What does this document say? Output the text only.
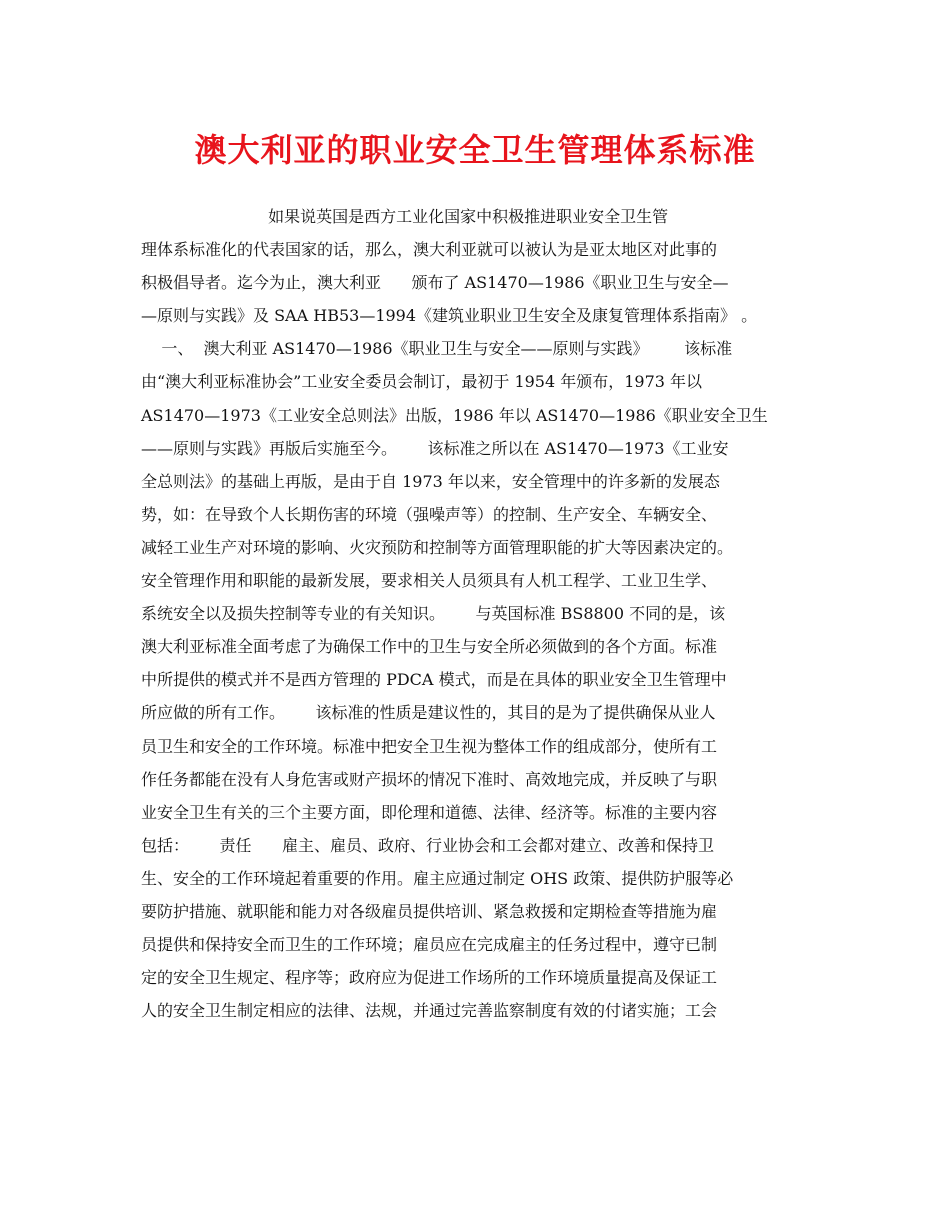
澳大利亚的职业安全卫生管理体系标准
如果说英国是西方工业化国家中积极推进职业安全卫生管
理体系标准化的代表国家的话，那么，澳大利亚就可以被认为是亚太地区对此事的
积极倡导者。迄今为止，澳大利亚      颁布了 AS1470—1986《职业卫生与安全—
—原则与实践》及 SAA HB53—1994《建筑业职业卫生安全及康复管理体系指南》 。
一、  澳大利亚 AS1470—1986《职业卫生与安全——原则与实践》       该标准
由“澳大利亚标准协会”工业安全委员会制订，最初于 1954 年颁布，1973 年以
AS1470—1973《工业安全总则法》出版，1986 年以 AS1470—1986《职业安全卫生
——原则与实践》再版后实施至今。      该标准之所以在 AS1470—1973《工业安
全总则法》的基础上再版，是由于自 1973 年以来，安全管理中的许多新的发展态
势，如：在导致个人长期伤害的环境（强噪声等）的控制、生产安全、车辆安全、
减轻工业生产对环境的影响、火灾预防和控制等方面管理职能的扩大等因素决定的。
安全管理作用和职能的最新发展，要求相关人员须具有人机工程学、工业卫生学、
系统安全以及损失控制等专业的有关知识。      与英国标准 BS8800 不同的是，该
澳大利亚标准全面考虑了为确保工作中的卫生与安全所必须做到的各个方面。标准
中所提供的模式并不是西方管理的 PDCA 模式，而是在具体的职业安全卫生管理中
所应做的所有工作。      该标准的性质是建议性的，其目的是为了提供确保从业人
员卫生和安全的工作环境。标准中把安全卫生视为整体工作的组成部分，使所有工
作任务都能在没有人身危害或财产损坏的情况下准时、高效地完成，并反映了与职
业安全卫生有关的三个主要方面，即伦理和道德、法律、经济等。标准的主要内容
包括：      责任      雇主、雇员、政府、行业协会和工会都对建立、改善和保持卫
生、安全的工作环境起着重要的作用。雇主应通过制定 OHS 政策、提供防护服等必
要防护措施、就职能和能力对各级雇员提供培训、紧急救援和定期检查等措施为雇
员提供和保持安全而卫生的工作环境；雇员应在完成雇主的任务过程中，遵守已制
定的安全卫生规定、程序等；政府应为促进工作场所的工作环境质量提高及保证工
人的安全卫生制定相应的法律、法规，并通过完善监察制度有效的付诸实施；工会
